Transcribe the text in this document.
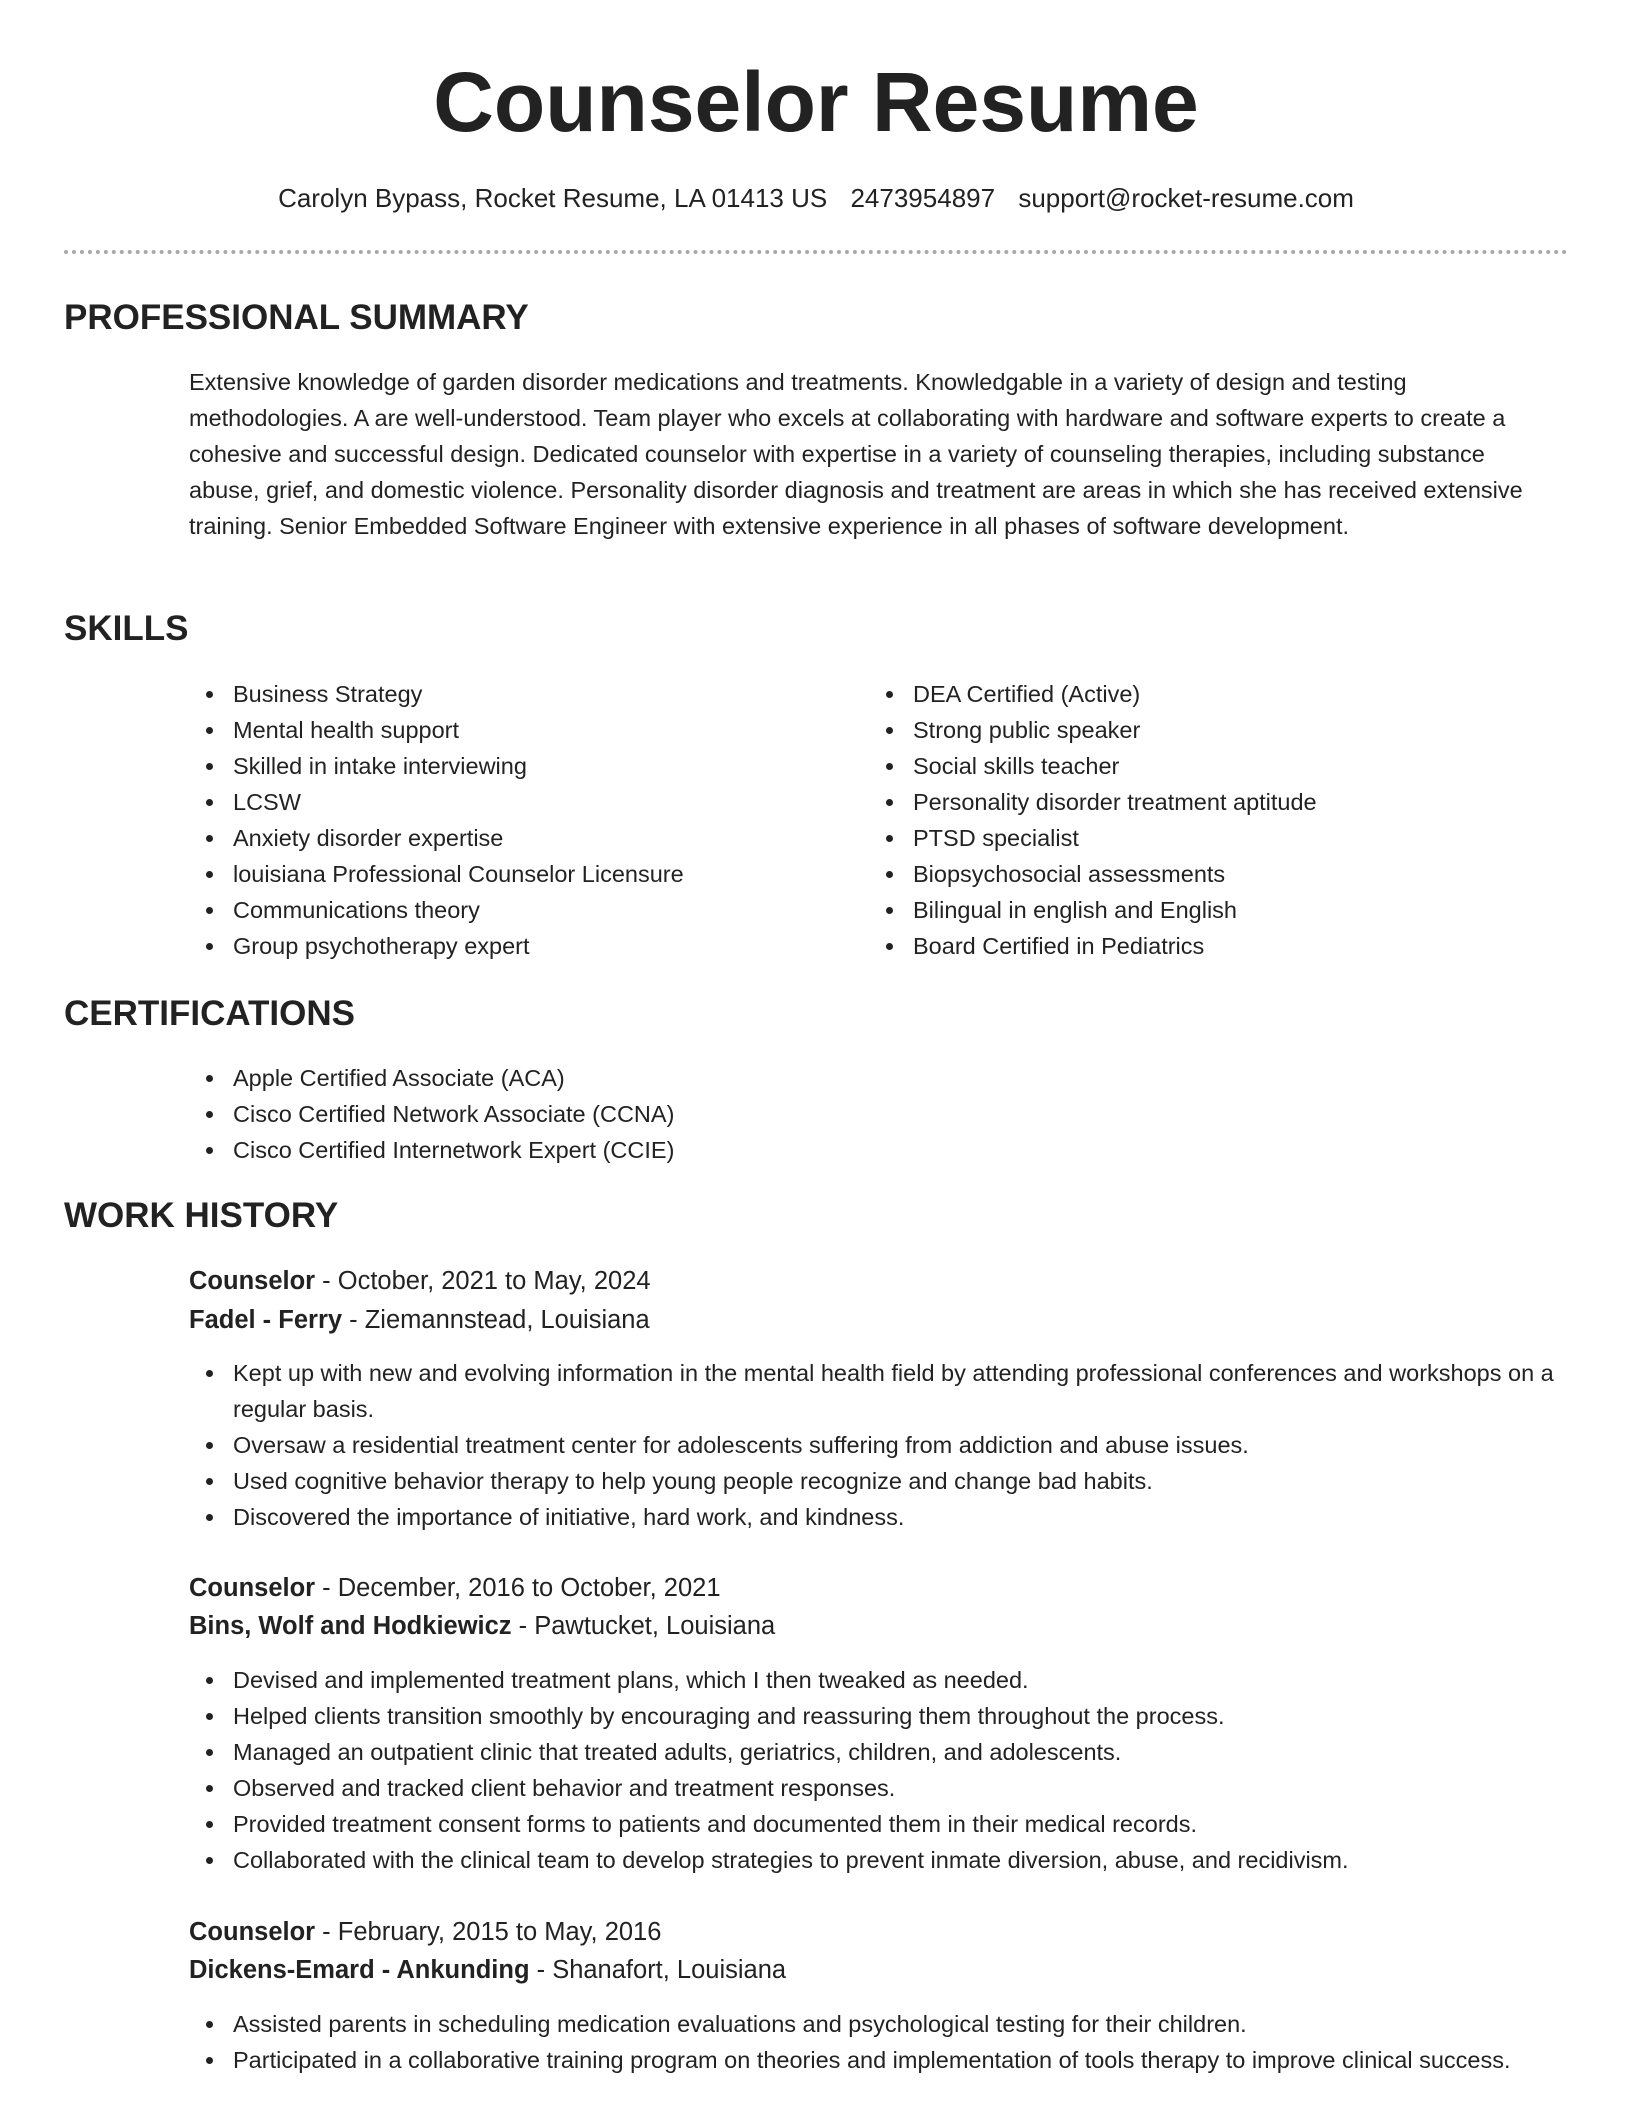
Counselor Resume
Carolyn Bypass, Rocket Resume, LA 01413 US 2473954897 support@rocket-resume.com
PROFESSIONAL SUMMARY

Extensive knowledge of garden disorder medications and treatments. Knowledgable in a variety of design and testing methodologies. A are well-understood. Team player who excels at collaborating with hardware and software experts to create a cohesive and successful design. Dedicated counselor with expertise in a variety of counseling therapies, including substance abuse, grief, and domestic violence. Personality disorder diagnosis and treatment are areas in which she has received extensive training. Senior Embedded Software Engineer with extensive experience in all phases of software development.

SKILLS
Business Strategy
Mental health support
Skilled in intake interviewing
LCSW
Anxiety disorder expertise
louisiana Professional Counselor Licensure
Communications theory
Group psychotherapy expert
DEA Certified (Active)
Strong public speaker
Social skills teacher
Personality disorder treatment aptitude
PTSD specialist
Biopsychosocial assessments
Bilingual in english and English
Board Certified in Pediatrics
CERTIFICATIONS
Apple Certified Associate (ACA)
Cisco Certified Network Associate (CCNA)
Cisco Certified Internetwork Expert (CCIE)
WORK HISTORY
Counselor - October, 2021 to May, 2024
Fadel - Ferry - Ziemannstead, Louisiana
Kept up with new and evolving information in the mental health field by attending professional conferences and workshops on a regular basis.
Oversaw a residential treatment center for adolescents suffering from addiction and abuse issues.
Used cognitive behavior therapy to help young people recognize and change bad habits.
Discovered the importance of initiative, hard work, and kindness.
Counselor - December, 2016 to October, 2021
Bins, Wolf and Hodkiewicz - Pawtucket, Louisiana
Devised and implemented treatment plans, which I then tweaked as needed.
Helped clients transition smoothly by encouraging and reassuring them throughout the process.
Managed an outpatient clinic that treated adults, geriatrics, children, and adolescents.
Observed and tracked client behavior and treatment responses.
Provided treatment consent forms to patients and documented them in their medical records.
Collaborated with the clinical team to develop strategies to prevent inmate diversion, abuse, and recidivism.
Counselor - February, 2015 to May, 2016
Dickens-Emard - Ankunding - Shanafort, Louisiana
Assisted parents in scheduling medication evaluations and psychological testing for their children.
Participated in a collaborative training program on theories and implementation of tools therapy to improve clinical success.
